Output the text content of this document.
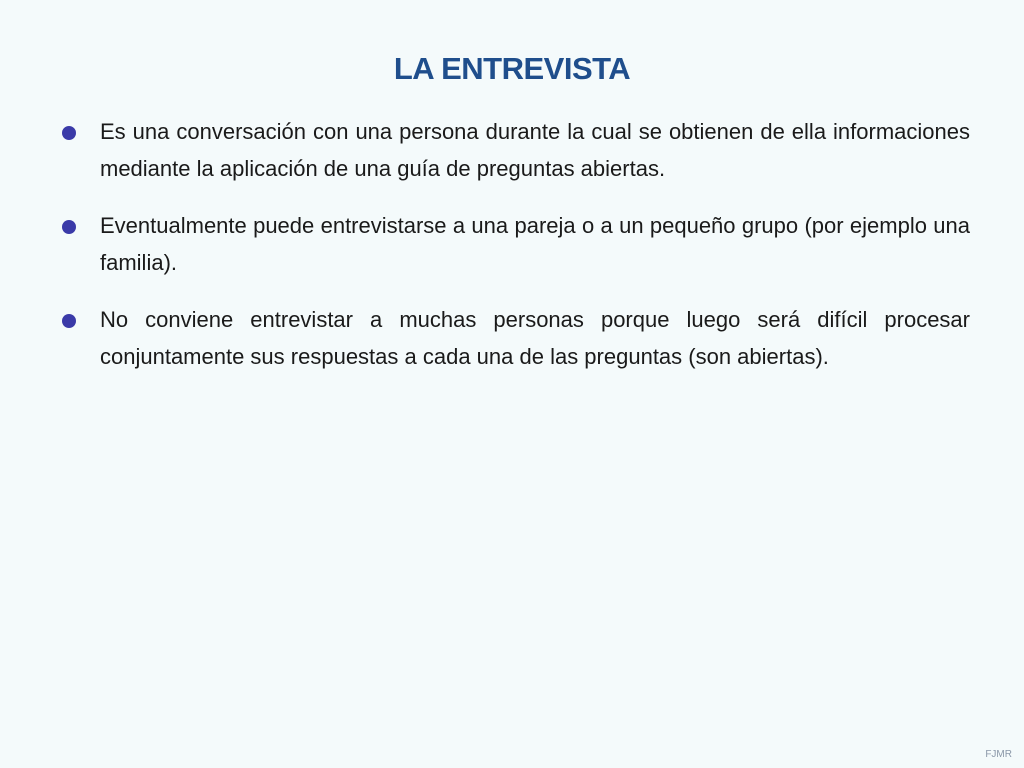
LA ENTREVISTA
Es una conversación con una persona durante la cual se obtienen de ella informaciones mediante la aplicación de una guía de preguntas abiertas.
Eventualmente puede entrevistarse a una pareja o a un pequeño grupo (por ejemplo una familia).
No conviene entrevistar a muchas personas porque luego será difícil procesar conjuntamente sus respuestas a cada una de las preguntas (son abiertas).
FJMR
